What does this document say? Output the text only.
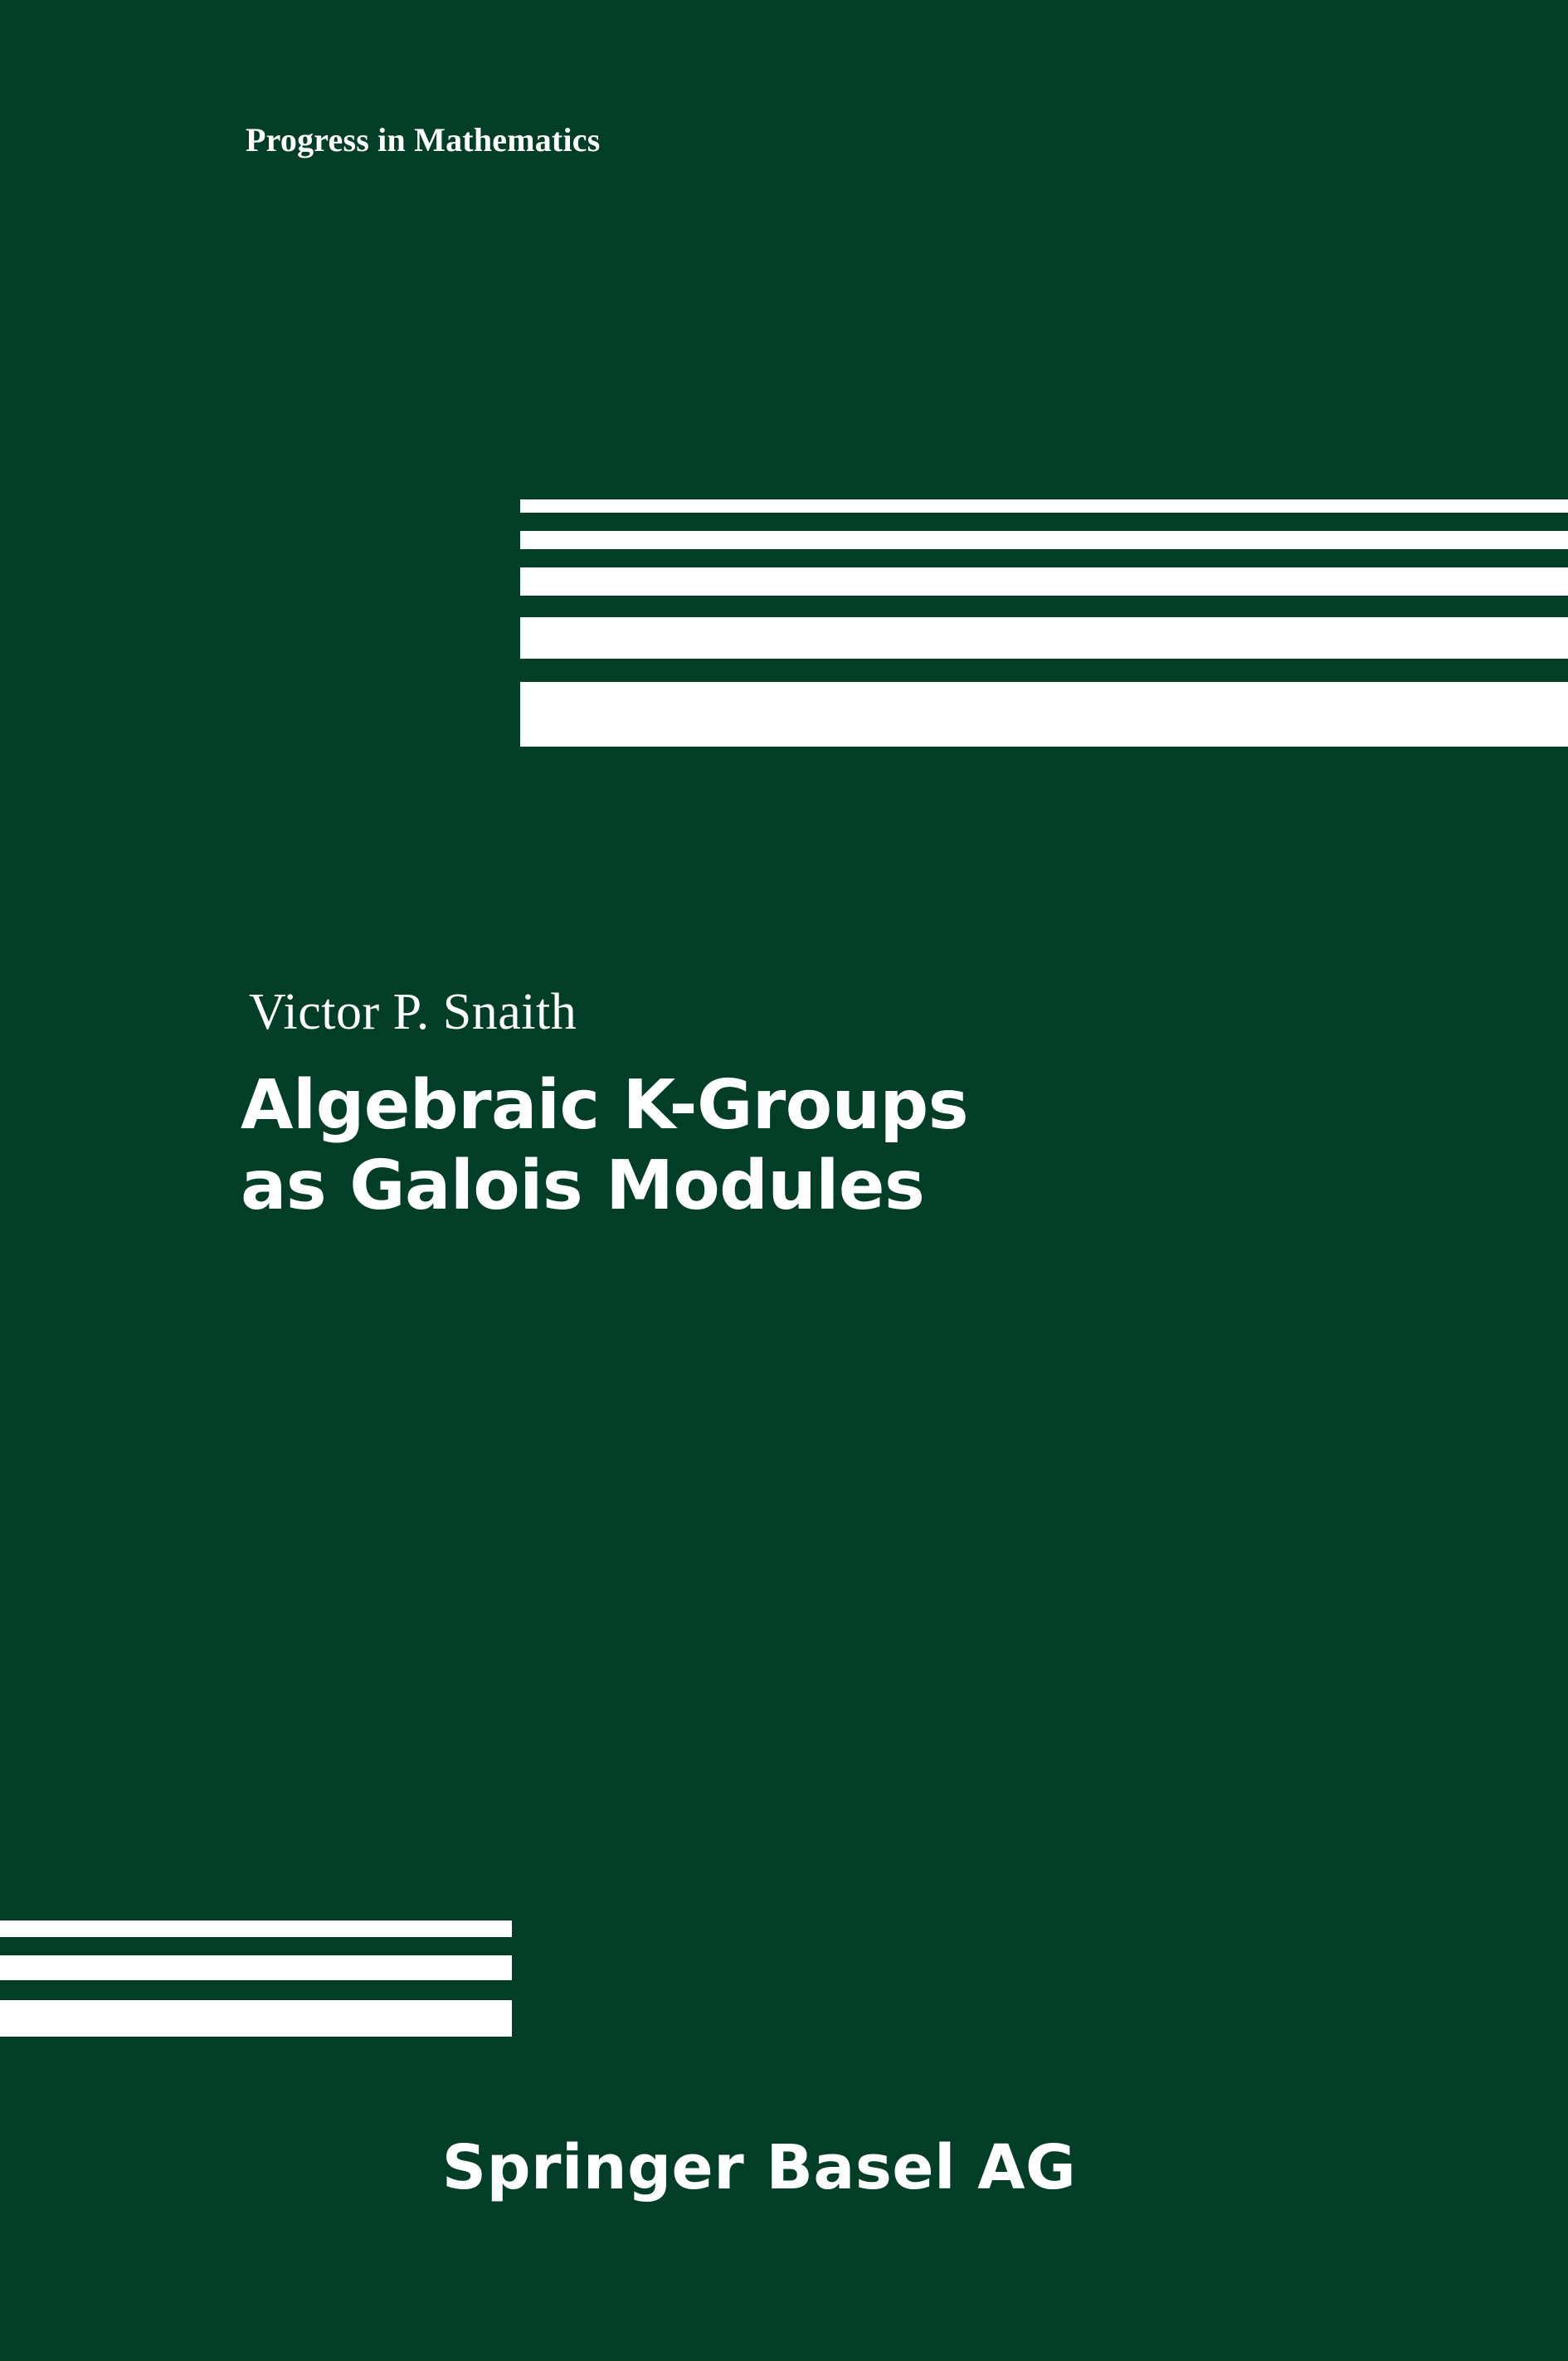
Progress in Mathematics
Victor P. Snaith
Algebraic K-Groups
as Galois Modules
Springer Basel AG
